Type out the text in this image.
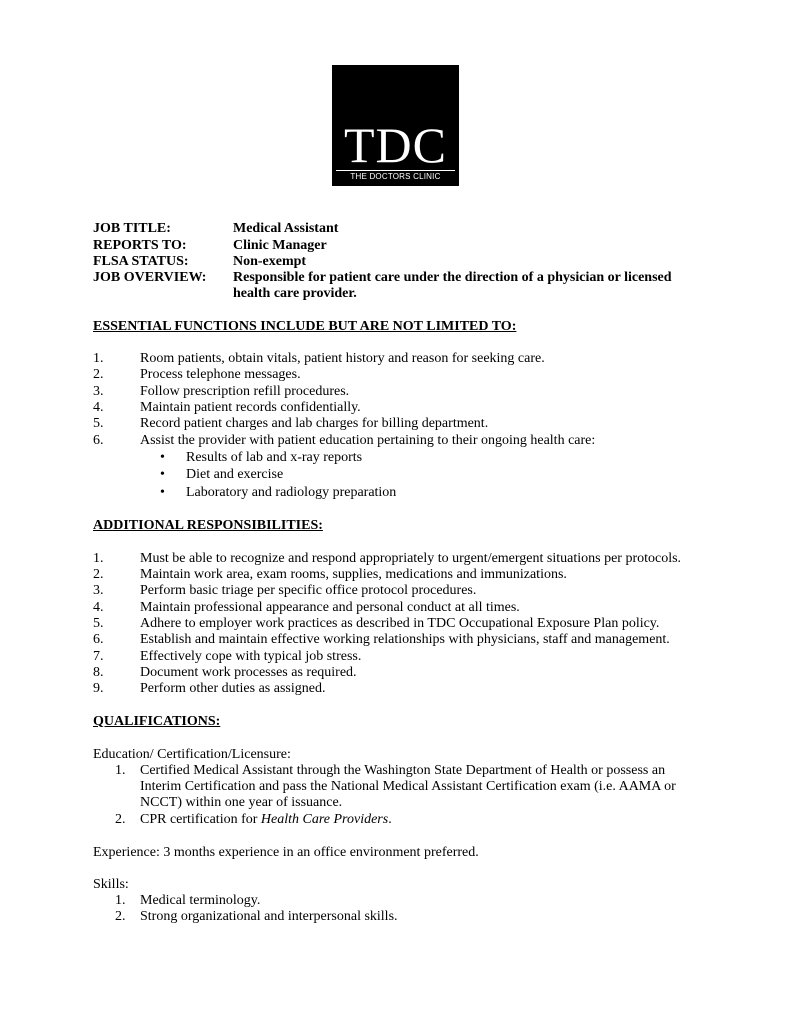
TDC
THE DOCTORS CLINIC
JOB TITLE:	Medical Assistant
REPORTS TO:	Clinic Manager
FLSA STATUS:	Non-exempt
JOB OVERVIEW:	Responsible for patient care under the direction of a physician or licensed
health care provider.
ESSENTIAL FUNCTIONS INCLUDE BUT ARE NOT LIMITED TO:
1.	Room patients, obtain vitals, patient history and reason for seeking care.
2.	Process telephone messages.
3.	Follow prescription refill procedures.
4.	Maintain patient records confidentially.
5.	Record patient charges and lab charges for billing department.
6.	Assist the provider with patient education pertaining to their ongoing health care:
• Results of lab and x-ray reports
• Diet and exercise
• Laboratory and radiology preparation
ADDITIONAL RESPONSIBILITIES:
1.	Must be able to recognize and respond appropriately to urgent/emergent situations per protocols.
2.	Maintain work area, exam rooms, supplies, medications and immunizations.
3.	Perform basic triage per specific office protocol procedures.
4.	Maintain professional appearance and personal conduct at all times.
5.	Adhere to employer work practices as described in TDC Occupational Exposure Plan policy.
6.	Establish and maintain effective working relationships with physicians, staff and management.
7.	Effectively cope with typical job stress.
8.	Document work processes as required.
9.	Perform other duties as assigned.
QUALIFICATIONS:
Education/ Certification/Licensure:
1. Certified Medical Assistant through the Washington State Department of Health or possess an Interim Certification and pass the National Medical Assistant Certification exam (i.e. AAMA or NCCT) within one year of issuance.
2. CPR certification for Health Care Providers.
Experience: 3 months experience in an office environment preferred.
Skills:
1. Medical terminology.
2. Strong organizational and interpersonal skills.
